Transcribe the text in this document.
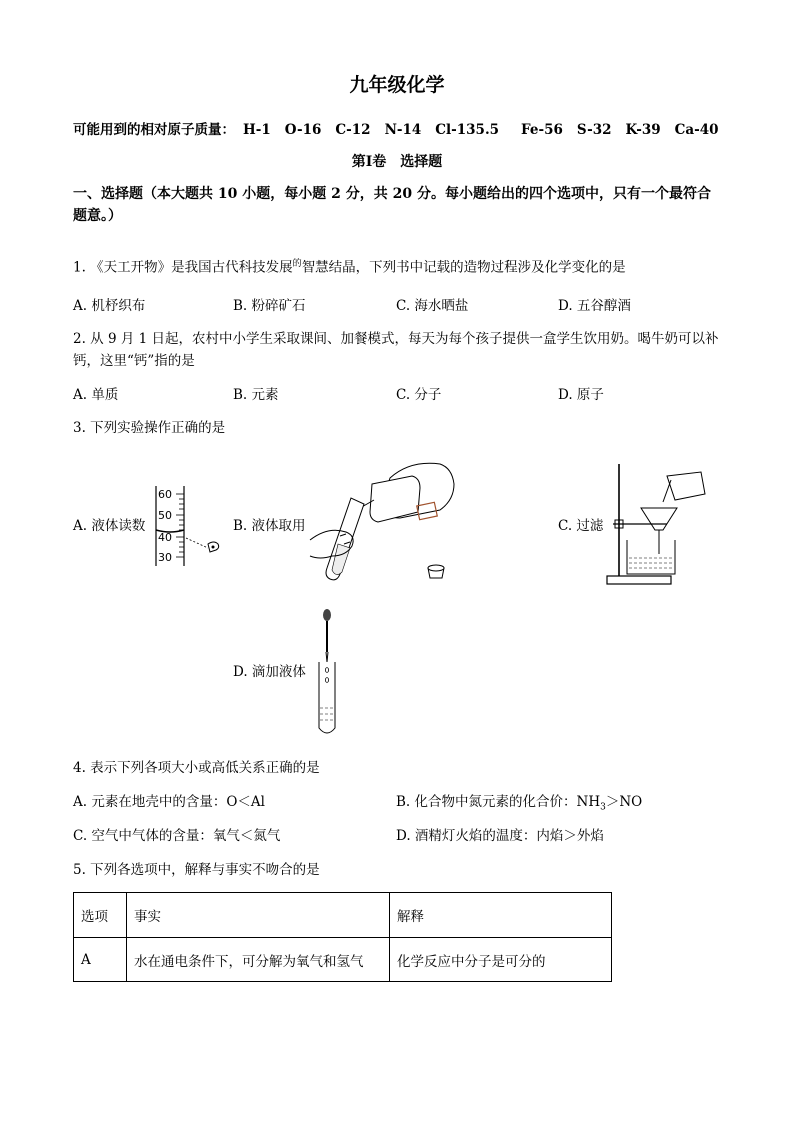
九年级化学
可能用到的相对原子质量： H-1 O-16 C-12 N-14 Cl-135.5 Fe-56 S-32 K-39 Ca-40
第I卷　选择题
一、选择题（本大题共 10 小题，每小题 2 分，共 20 分。每小题给出的四个选项中，只有一个最符合题意。）
1. 《天工开物》是我国古代科技发展$^的$智慧结晶，下列书中记载的造物过程涉及化学变化的是
A. 机杼织布	B. 粉碎矿石	C. 海水晒盐	D. 五谷醇酒
2. 从 9 月 1 日起，农村中小学生采取课间、加餐模式，每天为每个孩子提供一盒学生饮用奶。喝牛奶可以补钙，这里“钙”指的是
A. 单质	B. 元素	C. 分子	D. 原子
3. 下列实验操作正确的是
A. 液体读数	B. 液体取用	C. 过滤
D. 滴加液体
60
50
40
30
4. 表示下列各项大小或高低关系正确的是
A. 元素在地壳中的含量：O＜Al	B. 化合物中氮元素的化合价：$NH_3>NO$
C. 空气中气体的含量：氧气＜氮气	D. 酒精灯火焰的温度：内焰＞外焰
5. 下列各选项中，解释与事实不吻合的是
选项	事实	解释
A	水在通电条件下，可分解为氧气和氢气	化学反应中分子是可分的
